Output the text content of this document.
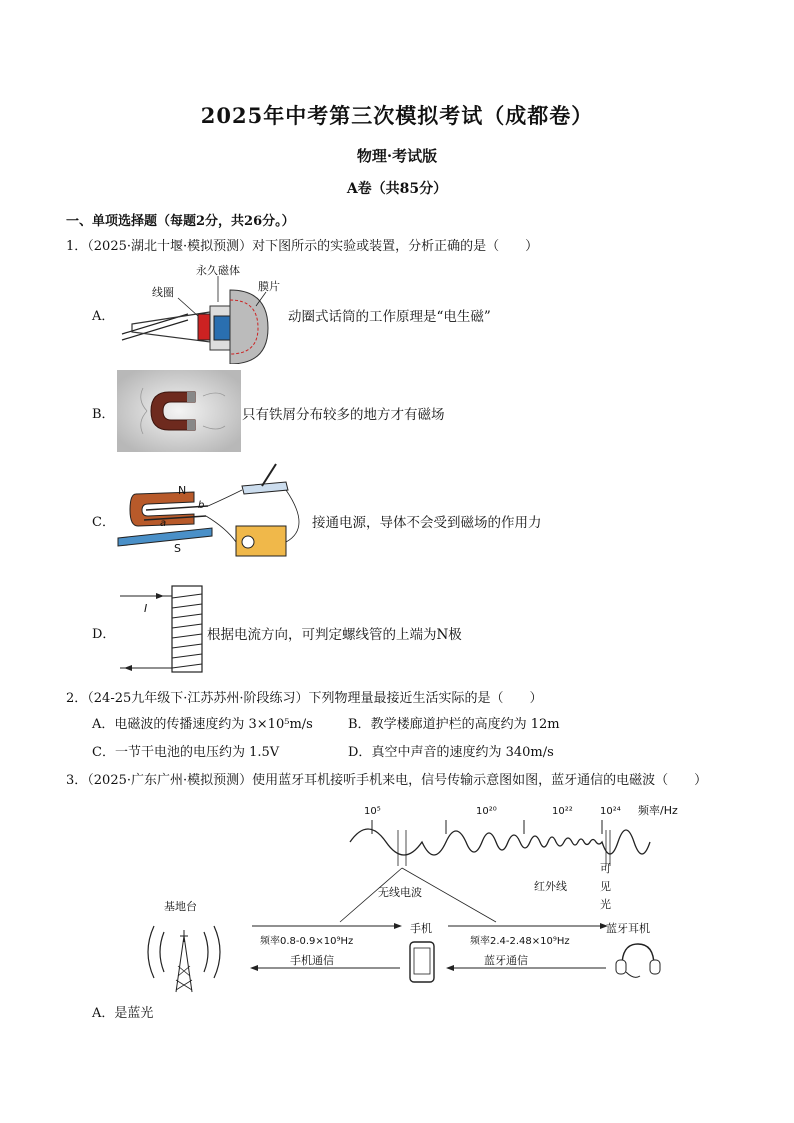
2025年中考第三次模拟考试（成都卷）
物理·考试版
A卷（共85分）
一、单项选择题（每题2分，共26分。）
1．（2025·湖北十堰·模拟预测）对下图所示的实验或装置，分析正确的是（　　）
A．
永久磁体
线圈	膜片
动圈式话筒的工作原理是“电生磁”
B．	只有铁屑分布较多的地方才有磁场
C．
N
S
b
a	接通电源，导体不会受到磁场的作用力
D．
I
根据电流方向，可判定螺线管的上端为N极
2．（24-25九年级下·江苏苏州·阶段练习）下列物理量最接近生活实际的是（　　）
A．电磁波的传播速度约为 3×10⁵m/s	B．教学楼廊道护栏的高度约为 12m
C．一节干电池的电压约为 1.5V	D．真空中声音的速度约为 340m/s
3．（2025·广东广州·模拟预测）使用蓝牙耳机接听手机来电，信号传输示意图如图，蓝牙通信的电磁波（　　）
10⁵	10²⁰	10²²	10²⁴ 频率/Hz
无线电波	红外线
可
见
光
基地台
频率0.8-0.9×10⁹Hz
手机通信
手机
频率2.4-2.48×10⁹Hz
蓝牙通信
蓝牙耳机
A．是蓝光
